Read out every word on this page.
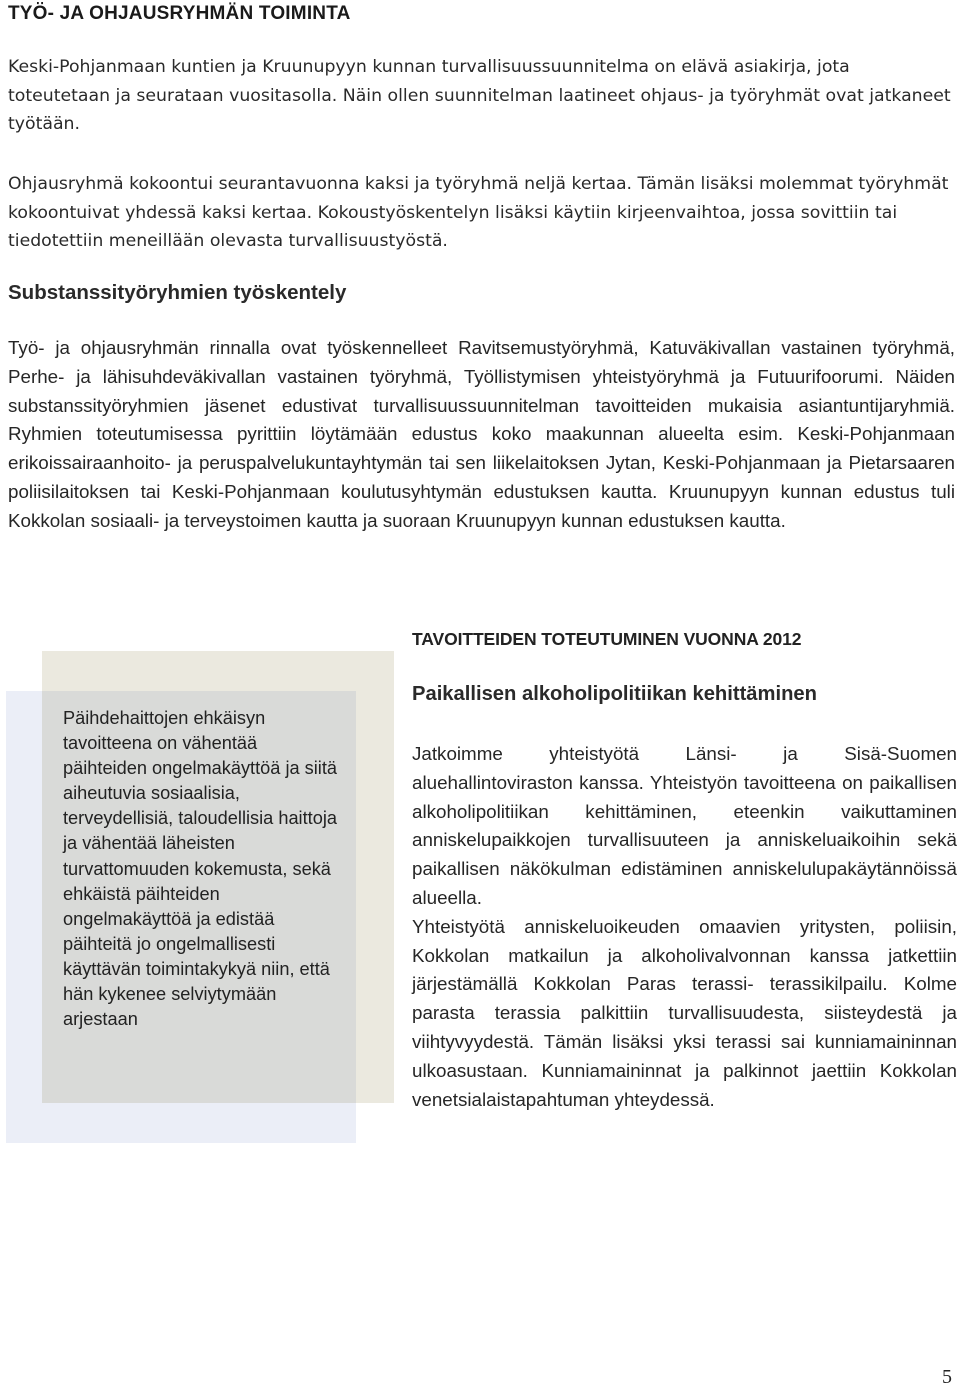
TYÖ- JA OHJAUSRYHMÄN TOIMINTA

Keski-Pohjanmaan kuntien ja Kruunupyyn kunnan turvallisuussuunnitelma on elävä asiakirja, jota toteutetaan ja seurataan vuositasolla. Näin ollen suunnitelman laatineet ohjaus- ja työryhmät ovat jatkaneet työtään.

Ohjausryhmä kokoontui seurantavuonna kaksi ja työryhmä neljä kertaa. Tämän lisäksi molemmat työryhmät kokoontuivat yhdessä kaksi kertaa. Kokoustyöskentelyn lisäksi käytiin kirjeenvaihtoa, jossa sovittiin tai tiedotettiin meneillään olevasta turvallisuustyöstä.

Substanssityöryhmien työskentely

Työ- ja ohjausryhmän rinnalla ovat työskennelleet Ravitsemustyöryhmä, Katuväkivallan vastainen työryhmä, Perhe- ja lähisuhdeväkivallan vastainen työryhmä, Työllistymisen yhteistyöryhmä ja Futuurifoorumi. Näiden substanssityöryhmien jäsenet edustivat turvallisuussuunnitelman tavoitteiden mukaisia asiantuntijaryhmiä. Ryhmien toteutumisessa pyrittiin löytämään edustus koko maakunnan alueelta esim. Keski-Pohjanmaan erikoissairaanhoito- ja peruspalvelukuntayhtymän tai sen liikelaitoksen Jytan, Keski-Pohjanmaan ja Pietarsaaren poliisilaitoksen tai Keski-Pohjanmaan koulutusyhtymän edustuksen kautta. Kruunupyyn kunnan edustus tuli Kokkolan sosiaali- ja terveystoimen kautta ja suoraan Kruunupyyn kunnan edustuksen kautta.

Päihdehaittojen ehkäisyn tavoitteena on vähentää päihteiden ongelmakäyttöä ja siitä aiheutuvia sosiaalisia, terveydellisiä, taloudellisia haittoja ja vähentää läheisten turvattomuuden kokemusta, sekä ehkäistä päihteiden ongelmakäyttöä ja edistää päihteitä jo ongelmallisesti käyttävän toimintakykyä niin, että hän kykenee selviytymään arjestaan

TAVOITTEIDEN TOTEUTUMINEN VUONNA 2012
Paikallisen alkoholipolitiikan kehittäminen
Jatkoimme yhteistyötä Länsi- ja Sisä-Suomen aluehallintoviraston kanssa. Yhteistyön tavoitteena on paikallisen alkoholipolitiikan kehittäminen, eteenkin vaikuttaminen anniskelupaikkojen turvallisuuteen ja anniskeluaikoihin sekä paikallisen näkökulman edistäminen anniskelulupakäytännöissä alueella.
Yhteistyötä anniskeluoikeuden omaavien yritysten, poliisin, Kokkolan matkailun ja alkoholivalvonnan kanssa jatkettiin järjestämällä Kokkolan Paras terassi- terassikilpailu. Kolme parasta terassia palkittiin turvallisuudesta, siisteydestä ja viihtyvyydestä. Tämän lisäksi yksi terassi sai kunniamaininnan ulkoasustaan. Kunniamaininnat ja palkinnot jaettiin Kokkolan venetsialaistapahtuman yhteydessä.

5
